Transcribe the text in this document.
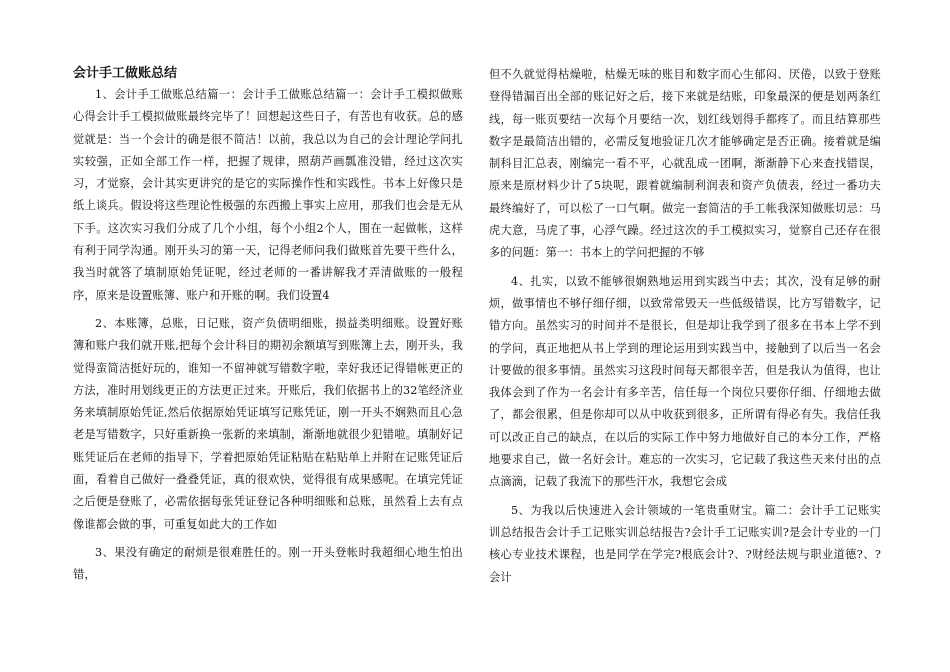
会计手工做账总结

1、会计手工做账总结篇一：会计手工做账总结篇一：会计手工模拟做账心得会计手工模拟做账最终完毕了！回想起这些日子，有苦也有收获。总的感觉就是：当一个会计的确是很不简洁！以前，我总以为自己的会计理论学问扎实较强，正如全部工作一样，把握了规律，照葫芦画瓢准没错，经过这次实习，才觉察，会计其实更讲究的是它的实际操作性和实践性。书本上好像只是纸上谈兵。假设将这些理论性极强的东西搬上事实上应用，那我们也会是无从下手。这次实习我们分成了几个小组，每个小组2个人，围在一起做帐，这样有利于同学沟通。刚开头习的第一天，记得老师问我们做账首先要干些什么，我当时就答了填制原始凭证呢，经过老师的一番讲解我才弄清做账的一般程序，原来是设置账簿、账户和开账的啊。我们设置4

2、本账簿，总账，日记账，资产负债明细账，损益类明细账。设置好账簿和账户我们就开账,把每个会计科目的期初余额填写到账簿上去，刚开头，我觉得蛮简洁挺好玩的，谁知一不留神就写错数字啦，幸好我还记得错帐更正的方法，准时用划线更正的方法更正过来。开账后，我们依据书上的32笔经济业务来填制原始凭证,然后依据原始凭证填写记账凭证，刚一开头不娴熟而且心急老是写错数字，只好重新换一张新的来填制，渐渐地就很少犯错啦。填制好记账凭证后在老师的指导下，学着把原始凭证粘贴在粘贴单上并附在记账凭证后面，看着自己做好一叠叠凭证，真的很欢快，觉得很有成果感呢。在填完凭证之后便是登账了，必需依据每张凭证登记各种明细账和总账，虽然看上去有点像谁都会做的事，可重复如此大的工作如

3、果没有确定的耐烦是很难胜任的。刚一开头登帐时我超细心地生怕出错，

但不久就觉得枯燥啦，枯燥无味的账目和数字而心生郁闷、厌倦，以致于登账登得错漏百出全部的账记好之后，接下来就是结账，印象最深的便是划两条红线，每一账页要结一次每个月要结一次，划红线划得手都疼了。而且结算那些数字是最简洁出错的，必需反复地验证几次才能够确定是否正确。接着就是编制科目汇总表，刚编完一看不平，心就乱成一团啊，渐渐静下心来查找错误，原来是原材料少计了5块呢，跟着就编制利润表和资产负债表，经过一番功夫最终编好了，可以松了一口气啊。做完一套简洁的手工帐我深知做账切忌：马虎大意，马虎了事，心浮气躁。经过这次的手工模拟实习，觉察自己还存在很多的问题：第一：书本上的学问把握的不够

4、扎实，以致不能够很娴熟地运用到实践当中去；其次，没有足够的耐烦，做事情也不够仔细仔细，以致常常毁天一些低级错误，比方写错数字，记错方向。虽然实习的时间并不是很长，但是却让我学到了很多在书本上学不到的学问，真正地把从书上学到的理论运用到实践当中，接触到了以后当一名会计要做的很多事情。虽然实习这段时间每天都很辛苦，但是我认为值得，也让我体会到了作为一名会计有多辛苦，信任每一个岗位只要你仔细、仔细地去做了，都会很累，但是你却可以从中收获到很多，正所谓有得必有失。我信任我可以改正自己的缺点，在以后的实际工作中努力地做好自己的本分工作，严格地要求自己，做一名好会计。难忘的一次实习，它记载了我这些天来付出的点点滴滴，记载了我流下的那些汗水，我想它会成

5、为我以后快速进入会计领域的一笔贵重财宝。篇二：会计手工记账实训总结报告会计手工记账实训总结报告?会计手工记账实训?是会计专业的一门核心专业技术课程，也是同学在学完?根底会计?、?财经法规与职业道德?、?会计
